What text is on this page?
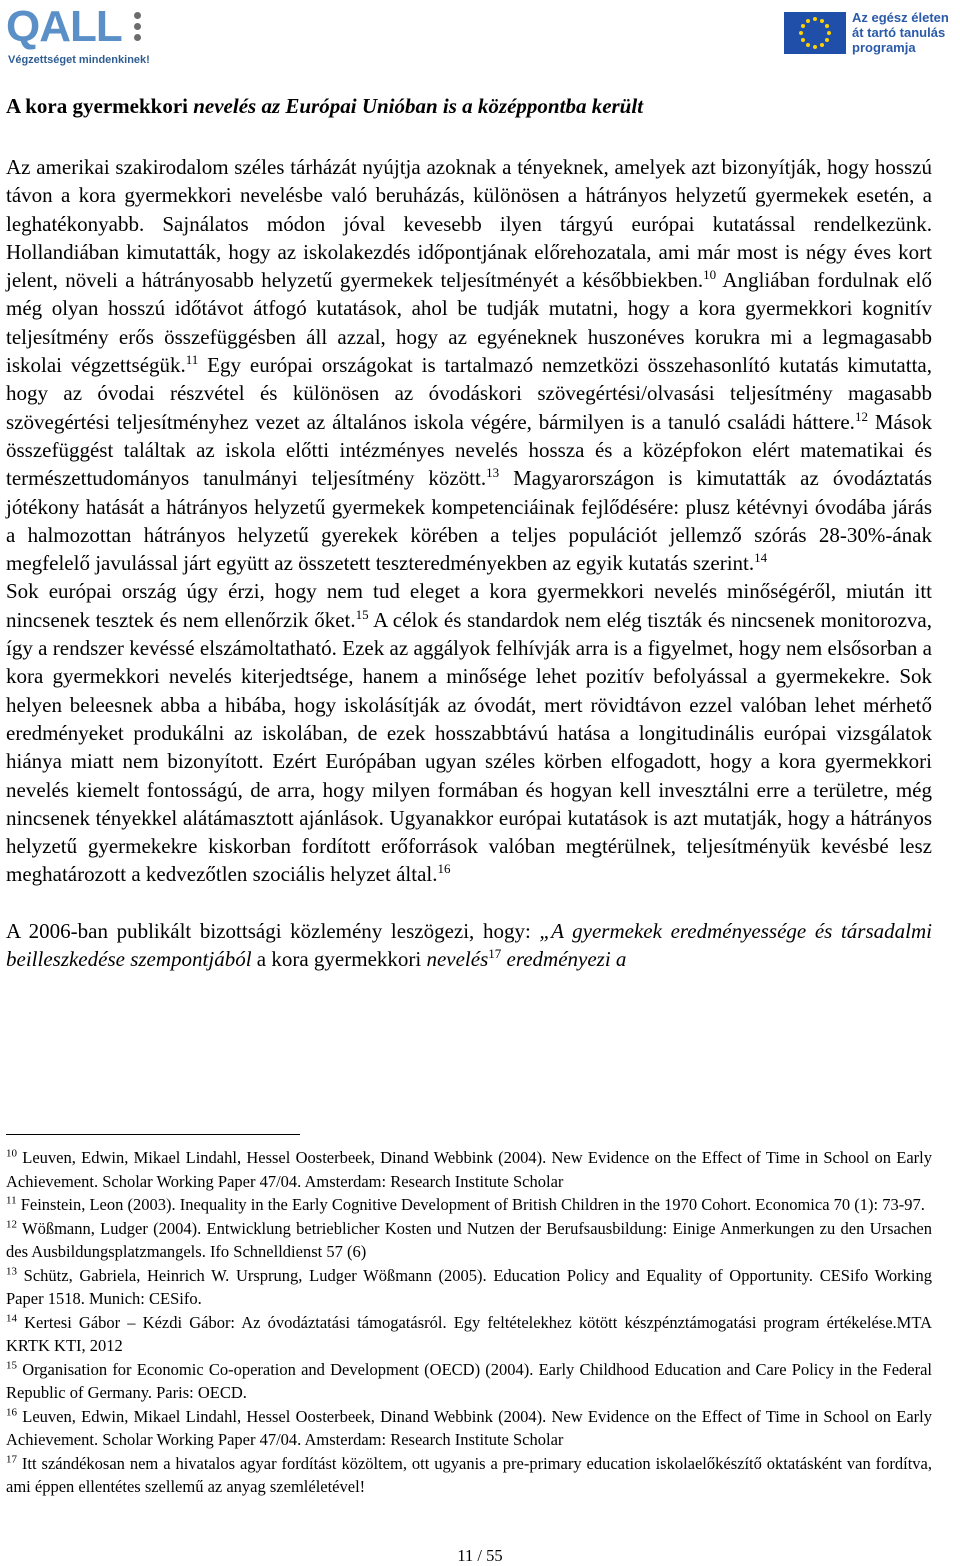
QALL
Végzettséget mindenkinek!
Az egész életen
át tartó tanulás
programja
A kora gyermekkori nevelés az Európai Unióban is a középpontba került

Az amerikai szakirodalom széles tárházát nyújtja azoknak a tényeknek, amelyek azt bizonyítják, hogy hosszú távon a kora gyermekkori nevelésbe való beruházás, különösen a hátrányos helyzetű gyermekek esetén, a leghatékonyabb. Sajnálatos módon jóval kevesebb ilyen tárgyú európai kutatással rendelkezünk. Hollandiában kimutatták, hogy az iskolakezdés időpontjának előrehozatala, ami már most is négy éves kort jelent, növeli a hátrányosabb helyzetű gyermekek teljesítményét a későbbiekben.$^{10}$ Angliában fordulnak elő még olyan hosszú időtávot átfogó kutatások, ahol be tudják mutatni, hogy a kora gyermekkori kognitív teljesítmény erős összefüggésben áll azzal, hogy az egyéneknek huszonéves korukra mi a legmagasabb iskolai végzettségük.$^{11}$ Egy európai országokat is tartalmazó nemzetközi összehasonlító kutatás kimutatta, hogy az óvodai részvétel és különösen az óvodáskori szövegértési/olvasási teljesítmény magasabb szövegértési teljesítményhez vezet az általános iskola végére, bármilyen is a tanuló családi háttere.$^{12}$ Mások összefüggést találtak az iskola előtti intézményes nevelés hossza és a középfokon elért matematikai és természettudományos tanulmányi teljesítmény között.$^{13}$ Magyarországon is kimutatták az óvodáztatás jótékony hatását a hátrányos helyzetű gyermekek kompetenciáinak fejlődésére: plusz kétévnyi óvodába járás a halmozottan hátrányos helyzetű gyerekek körében a teljes populációt jellemző szórás 28-30%-ának megfelelő javulással járt együtt az összetett teszteredményekben az egyik kutatás szerint.$^{14}$

Sok európai ország úgy érzi, hogy nem tud eleget a kora gyermekkori nevelés minőségéről, miután itt nincsenek tesztek és nem ellenőrzik őket.$^{15}$ A célok és standardok nem elég tiszták és nincsenek monitorozva, így a rendszer kevéssé elszámoltatható. Ezek az aggályok felhívják arra is a figyelmet, hogy nem elsősorban a kora gyermekkori nevelés kiterjedtsége, hanem a minősége lehet pozitív befolyással a gyermekekre. Sok helyen beleesnek abba a hibába, hogy iskolásítják az óvodát, mert rövidtávon ezzel valóban lehet mérhető eredményeket produkálni az iskolában, de ezek hosszabbtávú hatása a longitudinális európai vizsgálatok hiánya miatt nem bizonyított. Ezért Európában ugyan széles körben elfogadott, hogy a kora gyermekkori nevelés kiemelt fontosságú, de arra, hogy milyen formában és hogyan kell invesztálni erre a területre, még nincsenek tényekkel alátámasztott ajánlások. Ugyanakkor európai kutatások is azt mutatják, hogy a hátrányos helyzetű gyermekekre kiskorban fordított erőforrások valóban megtérülnek, teljesítményük kevésbé lesz meghatározott a kedvezőtlen szociális helyzet által.$^{16}$

A 2006-ban publikált bizottsági közlemény leszögezi, hogy: „A gyermekek eredményessége és társadalmi beilleszkedése szempontjából a kora gyermekkori nevelés$^{17}$ eredményezi a

$^{10}$ Leuven, Edwin, Mikael Lindahl, Hessel Oosterbeek, Dinand Webbink (2004). New Evidence on the Effect of Time in School on Early Achievement. Scholar Working Paper 47/04. Amsterdam: Research Institute Scholar

$^{11}$ Feinstein, Leon (2003). Inequality in the Early Cognitive Development of British Children in the 1970 Cohort. Economica 70 (1): 73-97.

$^{12}$ Wößmann, Ludger (2004). Entwicklung betrieblicher Kosten und Nutzen der Berufsausbildung: Einige Anmerkungen zu den Ursachen des Ausbildungsplatzmangels. Ifo Schnelldienst 57 (6)

$^{13}$ Schütz, Gabriela, Heinrich W. Ursprung, Ludger Wößmann (2005). Education Policy and Equality of Opportunity. CESifo Working Paper 1518. Munich: CESifo.

$^{14}$ Kertesi Gábor – Kézdi Gábor: Az óvodáztatási támogatásról. Egy feltételekhez kötött készpénztámogatási program értékelése.MTA KRTK KTI, 2012

$^{15}$ Organisation for Economic Co-operation and Development (OECD) (2004). Early Childhood Education and Care Policy in the Federal Republic of Germany. Paris: OECD.

$^{16}$ Leuven, Edwin, Mikael Lindahl, Hessel Oosterbeek, Dinand Webbink (2004). New Evidence on the Effect of Time in School on Early Achievement. Scholar Working Paper 47/04. Amsterdam: Research Institute Scholar

$^{17}$ Itt szándékosan nem a hivatalos agyar fordítást közöltem, ott ugyanis a pre-primary education iskolaelőkészítő oktatásként van fordítva, ami éppen ellentétes szellemű az anyag szemléletével!

11 / 55
